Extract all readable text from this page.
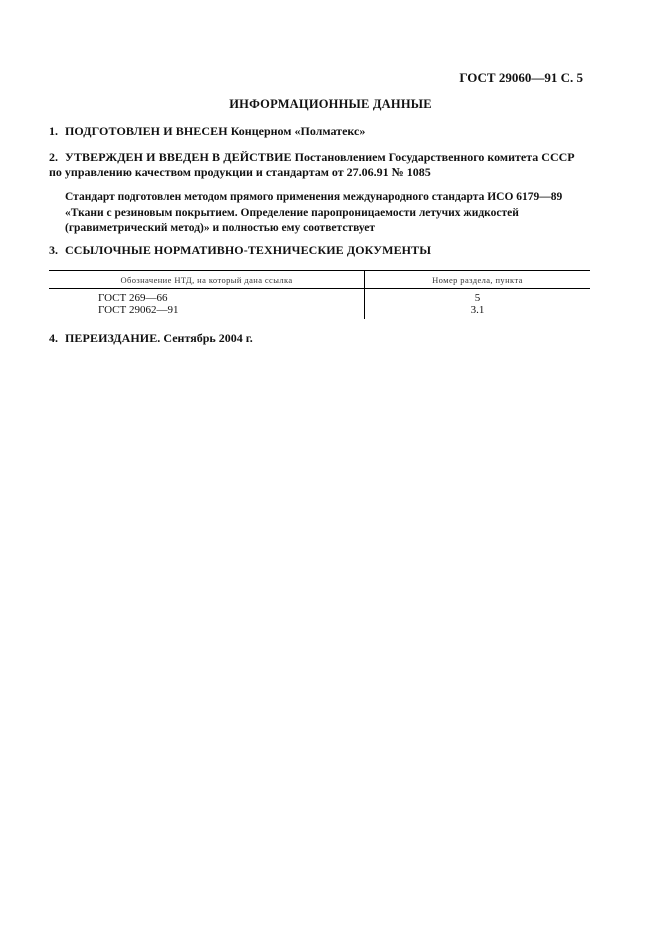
ГОСТ 29060—91 С. 5
ИНФОРМАЦИОННЫЕ ДАННЫЕ
1. ПОДГОТОВЛЕН И ВНЕСЕН Концерном «Полматекс»
2. УТВЕРЖДЕН И ВВЕДЕН В ДЕЙСТВИЕ Постановлением Государственного комитета СССР по управлению качеством продукции и стандартам от 27.06.91 № 1085
Стандарт подготовлен методом прямого применения международного стандарта ИСО 6179—89 «Ткани с резиновым покрытием. Определение паропроницаемости летучих жидкостей (гравиметрический метод)» и полностью ему соответствует
3. ССЫЛОЧНЫЕ НОРМАТИВНО-ТЕХНИЧЕСКИЕ ДОКУМЕНТЫ
Обозначение НТД, на который дана ссылка	Номер раздела, пункта
ГОСТ 269—66	5
ГОСТ 29062—91	3.1
4. ПЕРЕИЗДАНИЕ. Сентябрь 2004 г.
